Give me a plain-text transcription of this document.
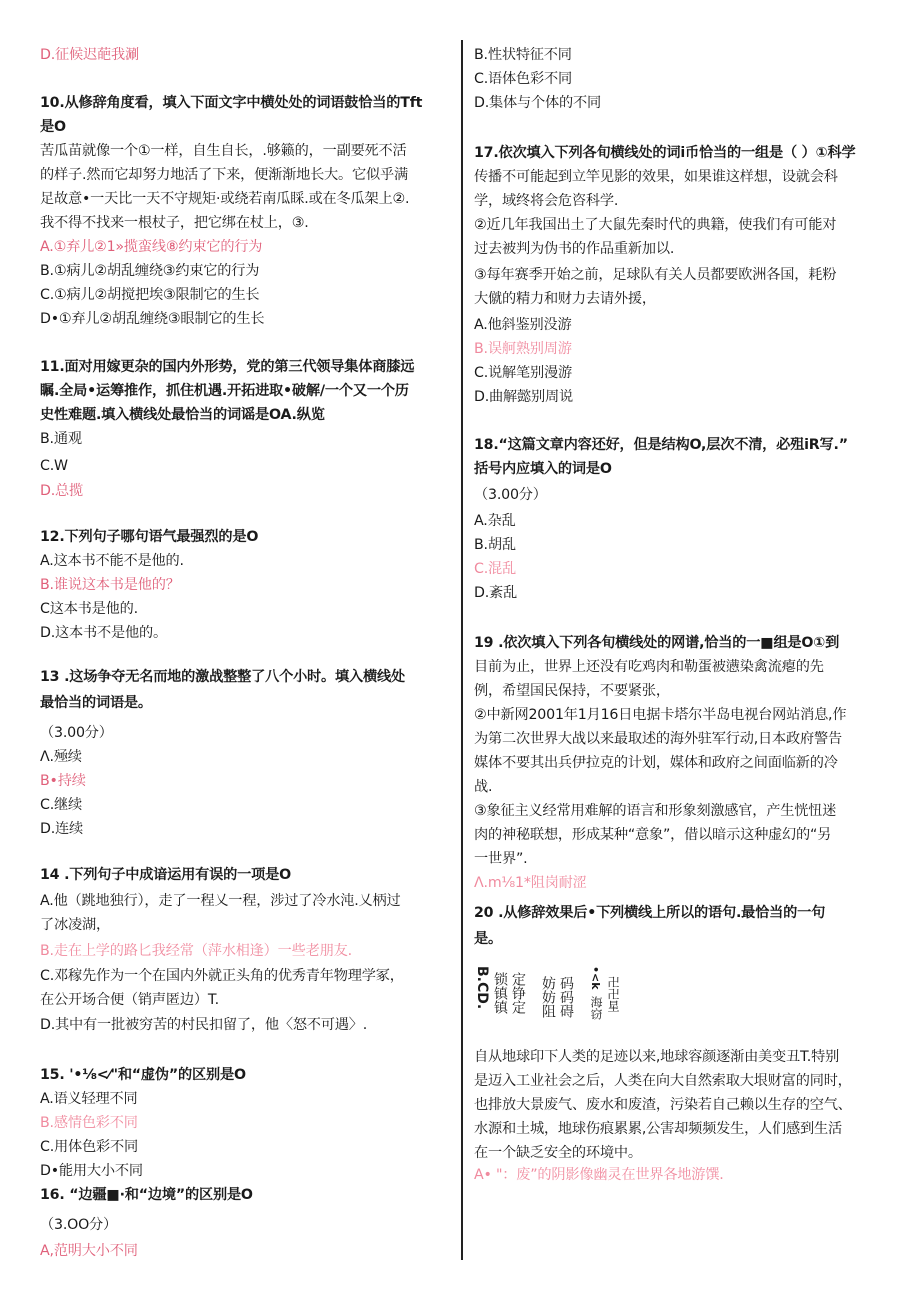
D.征候迟葩我涮
10.从修辞角度看，填入下面文字中横处处的词语鼓恰当的Tft
是O
苦瓜苗就像一个①一样，自生自长，.够籁的，一副要死不活
的样子.然而它却努力地活了下来，便渐渐地长大。它似乎满
足故意•一天比一天不守规矩·或绕若南瓜睬.或在冬瓜架上②.
我不得不找来一根杖子，把它绑在杖上，③.
A.①弃儿②1»揽蛮线⑧约束它的行为
B.①病儿②胡乱缠绕③约束它的行为
C.①病儿②胡搅把埃③限制它的生长
D•①弃儿②胡乱缠绕③眼制它的生长
11.面对用嫁更杂的国内外形势，党的第三代领导集体商膝远
瞩.全局•运筹推作，抓住机遇.开拓进取•破解/一个又一个历
史性难题.填入横线处最恰当的词谣是OA.纵览
B.通观
C.W
D.总揽
12.下列句子哪句语气最强烈的是O
A.这本书不能不是他的.
B.谁说这本书是他的？
C这本书是他的.
D.这本书不是他的。
13 .这场争夺无名而地的激战整整了八个小时。填入横线处
最恰当的词语是。
（3.00分）
Λ.殛续
B•持续
C.继续
D.连续
14 .下列句子中成谙运用有误的一项是O
A.他（跳地独行），走了一程乂一程，涉过了冷水沌.乂柄过
了冰凌湖，
B.走在上学的路匕我经常（萍水相逢）一些老朋友.
C.邓稼先作为一个在国内外就正头角的优秀青年物理学冢，
在公开场合便（销声匿边）T.
D.其中有一批被穷苦的村民扣留了，他〈怒不可遇〉.
15. '•⅛<⁄"和“虚伪”的区别是O
A.语义轻理不同
B.感情色彩不同
C.用体色彩不同
D•能用大小不同
16. “边疆■·和“边境”的区别是O
（3.OO分）
A,范明大小不同
B.性状特征不同
C.语体色彩不同
D.集体与个体的不同
17.依次填入下列各旬横线处的词i币恰当的一组是（ ）①科学
传播不可能起到立竿见影的效果，如果谁这样想，设就会科
学，域终将会危咨科学.
②近几年我国出土了大鼠先秦时代的典籍，使我们有可能对
过去被判为伪书的作品重新加以.
③每年赛季开始之前，足球队有关人员都要欧洲各国，耗粉
大僦的精力和财力去请外援，
A.他斜鉴别没游
B.误舸熟别周游
C.说解笔别漫游
D.曲解懿别周说
18.“这篇文章内容还好，但是结构O,层次不清，必殂iR写.”
括号内应填入的词是O
（3.00分）
A.杂乱
B.胡乱
C.混乱
D.紊乱
19 .依次填入下列各旬横线处的网谱,恰当的一■组是O①到
目前为止，世界上还没有吃鸡肉和勒蛋被懑染禽流瘪的先
例，希望国民保持，不要紧张，
②中新网2001年1月16日电据卡塔尔半岛电视台网站消息,作
为第二次世界大战以来最取述的海外驻军行动,日本政府警告
媒体不要其出兵伊拉克的计划，媒体和政府之间面临新的冷
战.
③象征主义经常用难解的语言和形象刻激感官，产生恍忸迷
肉的神秘联想，形成某种“意象”，借以暗示这种虚幻的“另
一世界”.
Λ.m⅛1*阻岗耐涩
20 .从修辞效果后•下列横线上所以的语句.最恰当的一句
是。
B.CD. 锁镇镇 定铮定 妨妨阻 码码碍 •<k
海窃 卍卍星
自从地球印下人类的足迹以来,地球容颜逐渐由美变丑T.特别
是迈入工业社会之后，人类在向大自然索取大垠财富的同时，
也排放大景废气、废水和废渣，污染若自己赖以生存的空气、
水源和土城，地球伤痕累累,公害却频频发生，人们感到生活
在一个缺乏安全的环境中。
A• "：废”的阴影像幽灵在世界各地游馔.
